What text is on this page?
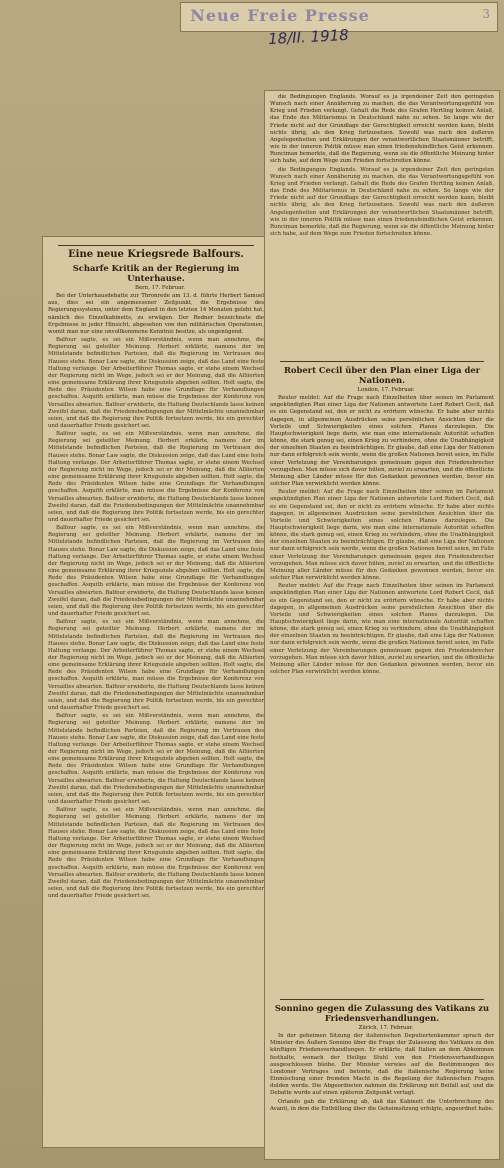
Neue Freie Presse	3
18/II. 1918
Eine neue Kriegsrede Balfours.
Scharfe Kritik an der Regierung im Unterhause.

Bern, 17. Februar.

Bei der Unterhausdebatte zur Thronrede am 13. d. führte Herbert Samuel aus, dies sei ein angemessener Zeitpunkt, die Ergebnisse des Regierungssystems, unter dem England in den letzten 14 Monaten gelebt hat, nämlich des Einzelkabinetts, zu erwägen. Der Redner bezeichnete die Ergebnisse in jeder Hinsicht, abgesehen von den militärischen Operationen, womit man nur eine unvollkommene Kenntnis besitze, als ungenügend.

Balfour sagte, es sei ein Mißverständnis, wenn man annehme, die Regierung sei geteilter Meinung. Herbert erklärte, namens der im Mittelstande befindlichen Parteien, daß die Regierung im Vertrauen des Hauses stehe. Bonar Law sagte, die Diskussion zeige, daß das Land eine feste Haltung verlange. Der Arbeiterführer Thomas sagte, er stehe einem Wechsel der Regierung nicht im Wege, jedoch sei er der Meinung, daß die Alliierten eine gemeinsame Erklärung ihrer Kriegsziele abgeben sollten. Holt sagte, die Rede des Präsidenten Wilson habe eine Grundlage für Verhandlungen geschaffen. Asquith erklärte, man müsse die Ergebnisse der Konferenz von Versailles abwarten. Balfour erwiderte, die Haltung Deutschlands lasse keinen Zweifel daran, daß die Friedensbedingungen der Mittelmächte unannehmbar seien, und daß die Regierung ihre Politik fortsetzen werde, bis ein gerechter und dauerhafter Friede gesichert sei.

Balfour sagte, es sei ein Mißverständnis, wenn man annehme, die Regierung sei geteilter Meinung. Herbert erklärte, namens der im Mittelstande befindlichen Parteien, daß die Regierung im Vertrauen des Hauses stehe. Bonar Law sagte, die Diskussion zeige, daß das Land eine feste Haltung verlange. Der Arbeiterführer Thomas sagte, er stehe einem Wechsel der Regierung nicht im Wege, jedoch sei er der Meinung, daß die Alliierten eine gemeinsame Erklärung ihrer Kriegsziele abgeben sollten. Holt sagte, die Rede des Präsidenten Wilson habe eine Grundlage für Verhandlungen geschaffen. Asquith erklärte, man müsse die Ergebnisse der Konferenz von Versailles abwarten. Balfour erwiderte, die Haltung Deutschlands lasse keinen Zweifel daran, daß die Friedensbedingungen der Mittelmächte unannehmbar seien, und daß die Regierung ihre Politik fortsetzen werde, bis ein gerechter und dauerhafter Friede gesichert sei.

Balfour sagte, es sei ein Mißverständnis, wenn man annehme, die Regierung sei geteilter Meinung. Herbert erklärte, namens der im Mittelstande befindlichen Parteien, daß die Regierung im Vertrauen des Hauses stehe. Bonar Law sagte, die Diskussion zeige, daß das Land eine feste Haltung verlange. Der Arbeiterführer Thomas sagte, er stehe einem Wechsel der Regierung nicht im Wege, jedoch sei er der Meinung, daß die Alliierten eine gemeinsame Erklärung ihrer Kriegsziele abgeben sollten. Holt sagte, die Rede des Präsidenten Wilson habe eine Grundlage für Verhandlungen geschaffen. Asquith erklärte, man müsse die Ergebnisse der Konferenz von Versailles abwarten. Balfour erwiderte, die Haltung Deutschlands lasse keinen Zweifel daran, daß die Friedensbedingungen der Mittelmächte unannehmbar seien, und daß die Regierung ihre Politik fortsetzen werde, bis ein gerechter und dauerhafter Friede gesichert sei.

Balfour sagte, es sei ein Mißverständnis, wenn man annehme, die Regierung sei geteilter Meinung. Herbert erklärte, namens der im Mittelstande befindlichen Parteien, daß die Regierung im Vertrauen des Hauses stehe. Bonar Law sagte, die Diskussion zeige, daß das Land eine feste Haltung verlange. Der Arbeiterführer Thomas sagte, er stehe einem Wechsel der Regierung nicht im Wege, jedoch sei er der Meinung, daß die Alliierten eine gemeinsame Erklärung ihrer Kriegsziele abgeben sollten. Holt sagte, die Rede des Präsidenten Wilson habe eine Grundlage für Verhandlungen geschaffen. Asquith erklärte, man müsse die Ergebnisse der Konferenz von Versailles abwarten. Balfour erwiderte, die Haltung Deutschlands lasse keinen Zweifel daran, daß die Friedensbedingungen der Mittelmächte unannehmbar seien, und daß die Regierung ihre Politik fortsetzen werde, bis ein gerechter und dauerhafter Friede gesichert sei.

Balfour sagte, es sei ein Mißverständnis, wenn man annehme, die Regierung sei geteilter Meinung. Herbert erklärte, namens der im Mittelstande befindlichen Parteien, daß die Regierung im Vertrauen des Hauses stehe. Bonar Law sagte, die Diskussion zeige, daß das Land eine feste Haltung verlange. Der Arbeiterführer Thomas sagte, er stehe einem Wechsel der Regierung nicht im Wege, jedoch sei er der Meinung, daß die Alliierten eine gemeinsame Erklärung ihrer Kriegsziele abgeben sollten. Holt sagte, die Rede des Präsidenten Wilson habe eine Grundlage für Verhandlungen geschaffen. Asquith erklärte, man müsse die Ergebnisse der Konferenz von Versailles abwarten. Balfour erwiderte, die Haltung Deutschlands lasse keinen Zweifel daran, daß die Friedensbedingungen der Mittelmächte unannehmbar seien, und daß die Regierung ihre Politik fortsetzen werde, bis ein gerechter und dauerhafter Friede gesichert sei.

Balfour sagte, es sei ein Mißverständnis, wenn man annehme, die Regierung sei geteilter Meinung. Herbert erklärte, namens der im Mittelstande befindlichen Parteien, daß die Regierung im Vertrauen des Hauses stehe. Bonar Law sagte, die Diskussion zeige, daß das Land eine feste Haltung verlange. Der Arbeiterführer Thomas sagte, er stehe einem Wechsel der Regierung nicht im Wege, jedoch sei er der Meinung, daß die Alliierten eine gemeinsame Erklärung ihrer Kriegsziele abgeben sollten. Holt sagte, die Rede des Präsidenten Wilson habe eine Grundlage für Verhandlungen geschaffen. Asquith erklärte, man müsse die Ergebnisse der Konferenz von Versailles abwarten. Balfour erwiderte, die Haltung Deutschlands lasse keinen Zweifel daran, daß die Friedensbedingungen der Mittelmächte unannehmbar seien, und daß die Regierung ihre Politik fortsetzen werde, bis ein gerechter und dauerhafter Friede gesichert sei.

die Bedingungen Englands. Worauf es ja irgendeiner Zeit den geringsten Wunsch nach einer Annäherung zu machen, die das Verantwortungsgefühl von Krieg und Frieden verlangt. Gehalt die Rede des Grafen Hertling keinen Anlaß, das Ende des Militarismus in Deutschland nahe zu sehen. So lange wie der Friede nicht auf der Grundlage der Gerechtigkeit erreicht werden kann, bleibt nichts übrig, als den Krieg fortzusetzen. Sowohl was nach den äußeren Angelegenheiten und Erklärungen der verantwortlichen Staatsmänner betrifft, wie in der inneren Politik müsse man einen friedensfeindlichen Geist erkennen. Runciman bemerkte, daß die Regierung, wenn sie die öffentliche Meinung hinter sich habe, auf dem Wege zum Frieden fortschreiten könne.

die Bedingungen Englands. Worauf es ja irgendeiner Zeit den geringsten Wunsch nach einer Annäherung zu machen, die das Verantwortungsgefühl von Krieg und Frieden verlangt. Gehalt die Rede des Grafen Hertling keinen Anlaß, das Ende des Militarismus in Deutschland nahe zu sehen. So lange wie der Friede nicht auf der Grundlage der Gerechtigkeit erreicht werden kann, bleibt nichts übrig, als den Krieg fortzusetzen. Sowohl was nach den äußeren Angelegenheiten und Erklärungen der verantwortlichen Staatsmänner betrifft, wie in der inneren Politik müsse man einen friedensfeindlichen Geist erkennen. Runciman bemerkte, daß die Regierung, wenn sie die öffentliche Meinung hinter sich habe, auf dem Wege zum Frieden fortschreiten könne.

Robert Cecil über den Plan einer Liga der Nationen.

London, 17. Februar.

Reuter meldet: Auf die Frage nach Einzelheiten über seinen im Parlament angekündigten Plan einer Liga der Nationen antwortete Lord Robert Cecil, daß es ein Gegenstand sei, den er nicht zu erörtern wünsche. Er habe aber nichts dagegen, in allgemeinen Ausdrücken seine persönlichen Ansichten über die Vorteile und Schwierigkeiten eines solchen Planes darzulegen. Die Hauptschwierigkeit liege darin, wie man eine internationale Autorität schaffen könne, die stark genug sei, einen Krieg zu verhindern, ohne die Unabhängigkeit der einzelnen Staaten zu beeinträchtigen. Er glaube, daß eine Liga der Nationen nur dann erfolgreich sein werde, wenn die großen Nationen bereit seien, im Falle einer Verletzung der Vereinbarungen gemeinsam gegen den Friedensbrecher vorzugehen. Man müsse sich davor hüten, zuviel zu erwarten, und die öffentliche Meinung aller Länder müsse für den Gedanken gewonnen werden, bevor ein solcher Plan verwirklicht werden könne.

Reuter meldet: Auf die Frage nach Einzelheiten über seinen im Parlament angekündigten Plan einer Liga der Nationen antwortete Lord Robert Cecil, daß es ein Gegenstand sei, den er nicht zu erörtern wünsche. Er habe aber nichts dagegen, in allgemeinen Ausdrücken seine persönlichen Ansichten über die Vorteile und Schwierigkeiten eines solchen Planes darzulegen. Die Hauptschwierigkeit liege darin, wie man eine internationale Autorität schaffen könne, die stark genug sei, einen Krieg zu verhindern, ohne die Unabhängigkeit der einzelnen Staaten zu beeinträchtigen. Er glaube, daß eine Liga der Nationen nur dann erfolgreich sein werde, wenn die großen Nationen bereit seien, im Falle einer Verletzung der Vereinbarungen gemeinsam gegen den Friedensbrecher vorzugehen. Man müsse sich davor hüten, zuviel zu erwarten, und die öffentliche Meinung aller Länder müsse für den Gedanken gewonnen werden, bevor ein solcher Plan verwirklicht werden könne.

Reuter meldet: Auf die Frage nach Einzelheiten über seinen im Parlament angekündigten Plan einer Liga der Nationen antwortete Lord Robert Cecil, daß es ein Gegenstand sei, den er nicht zu erörtern wünsche. Er habe aber nichts dagegen, in allgemeinen Ausdrücken seine persönlichen Ansichten über die Vorteile und Schwierigkeiten eines solchen Planes darzulegen. Die Hauptschwierigkeit liege darin, wie man eine internationale Autorität schaffen könne, die stark genug sei, einen Krieg zu verhindern, ohne die Unabhängigkeit der einzelnen Staaten zu beeinträchtigen. Er glaube, daß eine Liga der Nationen nur dann erfolgreich sein werde, wenn die großen Nationen bereit seien, im Falle einer Verletzung der Vereinbarungen gemeinsam gegen den Friedensbrecher vorzugehen. Man müsse sich davor hüten, zuviel zu erwarten, und die öffentliche Meinung aller Länder müsse für den Gedanken gewonnen werden, bevor ein solcher Plan verwirklicht werden könne.

Sonnino gegen die Zulassung des Vatikans zu Friedensverhandlungen.

Zürich, 17. Februar.

In der geheimen Sitzung der italienischen Deputiertenkammer sprach der Minister des Äußern Sonnino über die Frage der Zulassung des Vatikans zu den künftigen Friedensverhandlungen. Er erklärte, daß Italien an dem Abkommen festhalte, wonach der Heilige Stuhl von den Friedensverhandlungen ausgeschlossen bleibe. Der Minister verwies auf die Bestimmungen des Londoner Vertrages und betonte, daß die italienische Regierung keine Einmischung einer fremden Macht in die Regelung der italienischen Fragen dulden werde. Die Abgeordneten nahmen die Erklärung mit Beifall auf, und die Debatte wurde auf einen späteren Zeitpunkt vertagt.

Orlando gab die Erklärung ab, daß das Kabinett die Unterbrechung des Avanti, in dem die Enthüllung über die Geheimsitzung erfolgte, angeordnet habe.
